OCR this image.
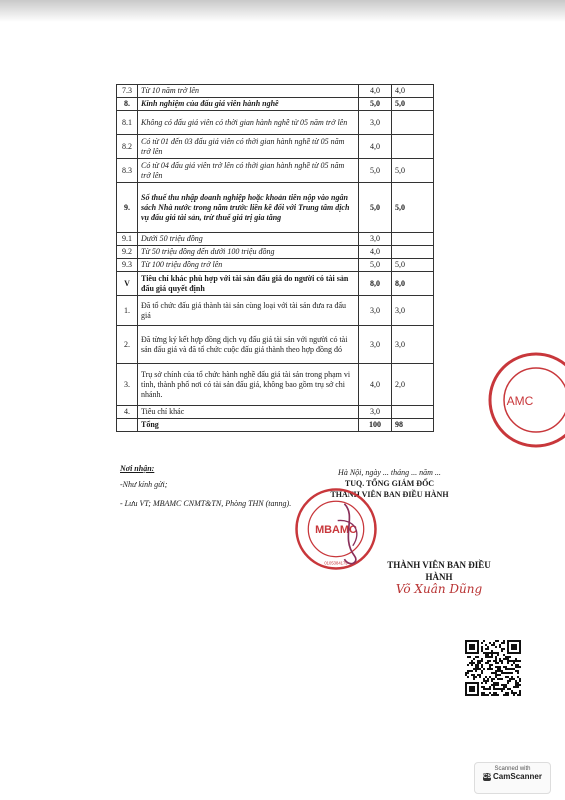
7.3	Từ 10 năm trở lên	4,0	4,0
8.	Kinh nghiệm của đấu giá viên hành nghề	5,0	5,0
8.1	Không có đấu giá viên có thời gian hành nghề từ 05 năm trở lên	3,0	
8.2	Có từ 01 đến 03 đấu giá viên có thời gian hành nghề từ 05 năm trở lên	4,0	
8.3	Có từ 04 đấu giá viên trở lên có thời gian hành nghề từ 05 năm trở lên	5,0	5,0
9.	Số thuế thu nhập doanh nghiệp hoặc khoản tiền nộp vào ngân sách Nhà nước trong năm trước liền kề đối với Trung tâm dịch vụ đấu giá tài sản, trừ thuế giá trị gia tăng	5,0	5,0
9.1	Dưới 50 triệu đồng	3,0	
9.2	Từ 50 triệu đồng đến dưới 100 triệu đồng	4,0	
9.3	Từ 100 triệu đồng trở lên	5,0	5,0
V	Tiêu chí khác phù hợp với tài sản đấu giá do người có tài sản đấu giá quyết định	8,0	8,0
1.	Đã tổ chức đấu giá thành tài sản cùng loại với tài sản đưa ra đấu giá	3,0	3,0
2.	Đã từng ký kết hợp đồng dịch vụ đấu giá tài sản với người có tài sản đấu giá và đã tổ chức cuộc đấu giá thành theo hợp đồng đó	3,0	3,0
3.	Trụ sở chính của tổ chức hành nghề đấu giá tài sản trong phạm vi tỉnh, thành phố nơi có tài sản đấu giá, không bao gồm trụ sở chi nhánh.	4,0	2,0
4.	Tiêu chí khác	3,0	
	Tổng	100	98
Nơi nhận:
-Như kính gửi;
- Lưu VT; MBAMC CNMT&TN, Phòng THN (tanng).
Hà Nội, ngày ... tháng ... năm ...
TUQ. TỔNG GIÁM ĐỐC
THÀNH VIÊN BAN ĐIỀU HÀNH
MBAMC
0105384179
AMC
THÀNH VIÊN BAN ĐIỀU HÀNH
Võ Xuân Dũng
Scanned with
CS CamScanner
